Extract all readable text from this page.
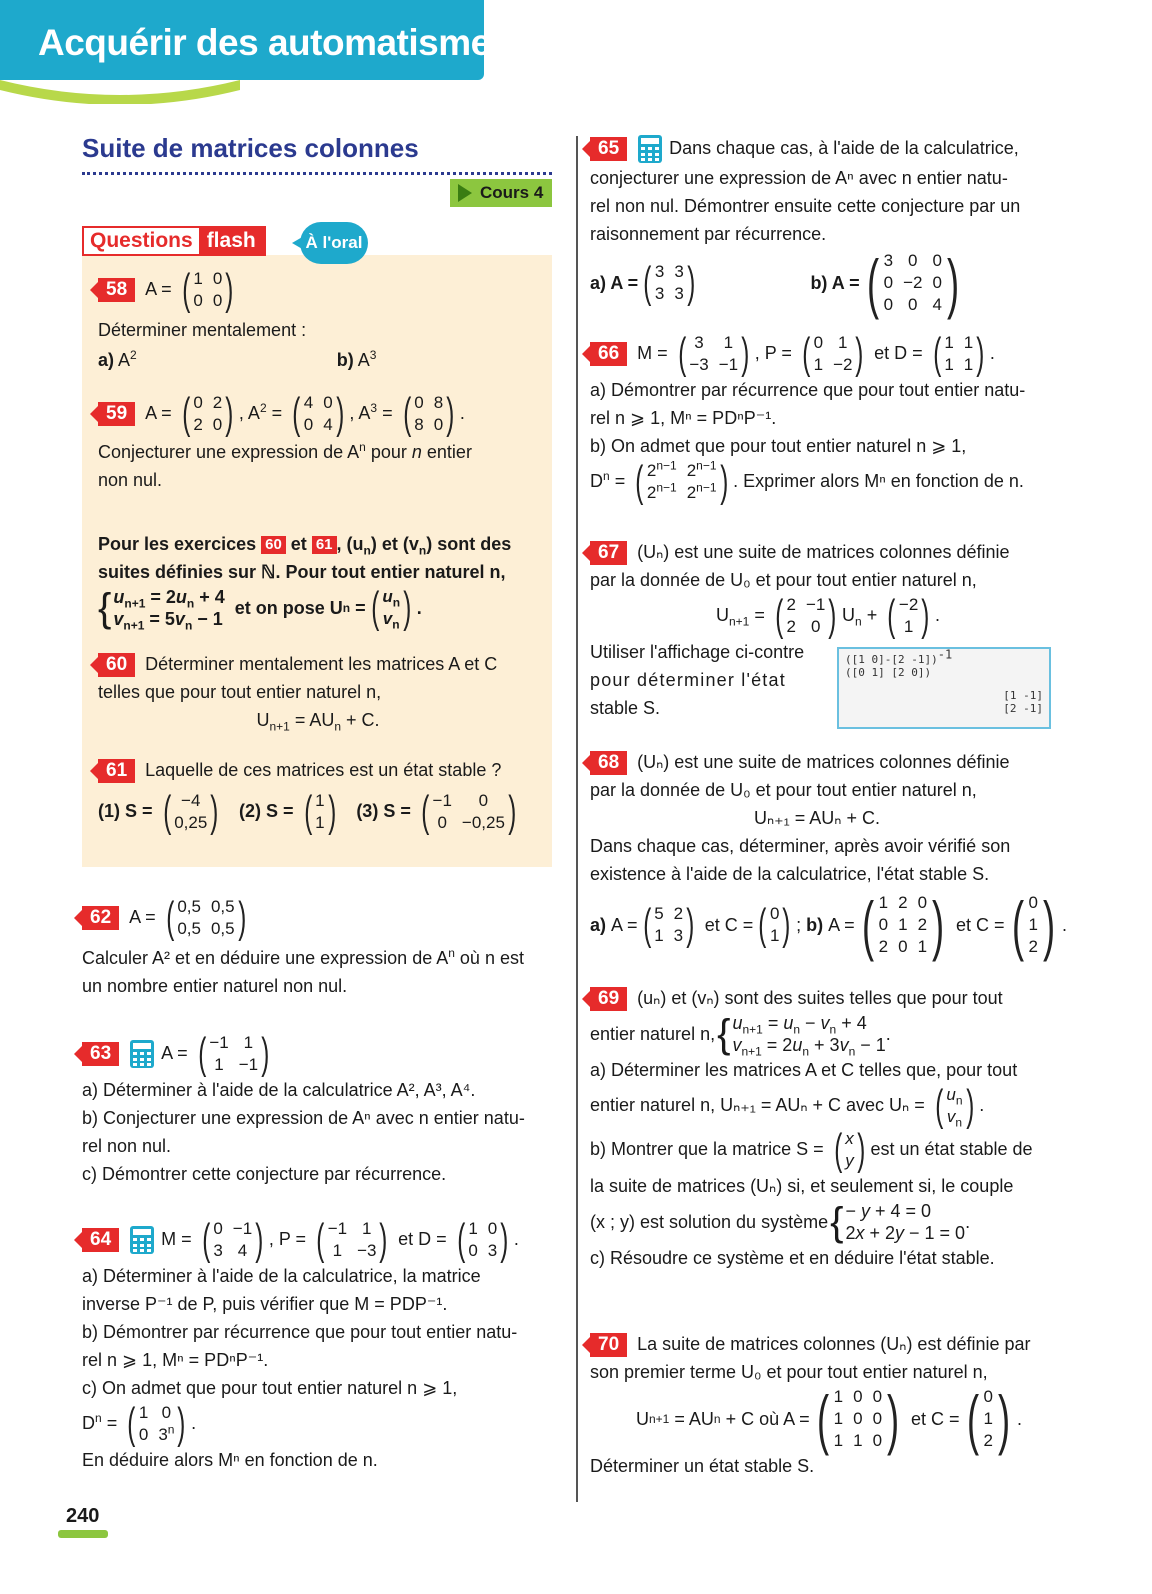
Acquérir des automatismes
Suite de matrices colonnes
Cours 4
Questions flash	À l'oral
58 A = ( 1 0
0 0 )
Déterminer mentalement :
a) $A^2$	b) $A^3$
59 A = ( 0 2
2 0 ) , $A^2$ = ( 4 0
0 4 ) , $A^3$ = ( 0 8
8 0 ) .
Conjecturer une expression de $A^n$ pour n entier
non nul.
Pour les exercices 60 et 61 , $(u_n)$ et $(v_n)$ sont des
suites définies sur ℕ. Pour tout entier naturel n,
{ $u_{n+1} = 2u_n + 4$
$v_{n+1} = 5v_n - 1$
et on pose U n = ( $u_n$
$v_n$ ) .
60 Déterminer mentalement les matrices A et C
telles que pour tout entier naturel n,
$U_{n+1} = AU_n + C$.
61 Laquelle de ces matrices est un état stable ?
(1) S = ( −4
0,25 ) (2) S = ( 1
1 ) (3) S = ( −1	0
0 −0,25 )
62 A = ( 0,5 0,5
0,5 0,5 )
Calculer A² et en déduire une expression de $A^n$ où n est
un nombre entier naturel non nul.
63	A = ( −1 1
1 −1 )
a) Déterminer à l'aide de la calculatrice A², A³, A⁴.
b) Conjecturer une expression de Aⁿ avec n entier natu-
rel non nul.
c) Démontrer cette conjecture par récurrence.
64	M = ( 0 −1
3 4 ) , P = ( −1 1
1 −3 ) et D = ( 1 0
0 3 ) .
a) Déterminer à l'aide de la calculatrice, la matrice
inverse P⁻¹ de P, puis vérifier que M = PDP⁻¹.
b) Démontrer par récurrence que pour tout entier natu-
rel n ⩾ 1, Mⁿ = PDⁿP⁻¹.
c) On admet que pour tout entier naturel n ⩾ 1,
$D^n$ = ( 1 0
0 3$^n$ ) .
En déduire alors Mⁿ en fonction de n.
240
65	Dans chaque cas, à l'aide de la calculatrice,
conjecturer une expression de Aⁿ avec n entier natu-
rel non nul. Démontrer ensuite cette conjecture par un
raisonnement par récurrence.
a) A = ( 3 3
3 3 )	b) A = ( 3 0 0
0 −2 0
0 0 4 )
66 M = ( 3 1
−3 −1 ) , P = ( 0 1
1 −2 ) et D = ( 1 1
1 1 ) .
a) Démontrer par récurrence que pour tout entier natu-
rel n ⩾ 1, Mⁿ = PDⁿP⁻¹.
b) On admet que pour tout entier naturel n ⩾ 1,
$D^n$ = ( $2^{n-1}$ $2^{n-1}$
$2^{n-1}$ $2^{n-1}$ ) . Exprimer alors Mⁿ en fonction de n.
67 (Uₙ) est une suite de matrices colonnes définie
par la donnée de U₀ et pour tout entier naturel n,
$U_{n+1}$ = ( 2 −1
2 0 ) $U_n$ + ( −2
1 ) .
Utiliser l'affichage ci-contre
pour déterminer l'état
stable S.
([1 0]-[2 -1])$^{-1}$
([0 1] [2 0])
[1 -1]
[2 -1]
68 (Uₙ) est une suite de matrices colonnes définie
par la donnée de U₀ et pour tout entier naturel n,
Uₙ₊₁ = AUₙ + C.
Dans chaque cas, déterminer, après avoir vérifié son
existence à l'aide de la calculatrice, l'état stable S.
a) A = ( 5 2
1 3 ) et C = ( 0
1 ) ; b) A = ( 1 2 0
0 1 2
2 0 1 ) et C = ( 0
1
2 ) .
69 (uₙ) et (vₙ) sont des suites telles que pour tout
entier naturel n, { $u_{n+1} = u_n - v_n + 4$
$v_{n+1} = 2u_n + 3v_n - 1$
.
a) Déterminer les matrices A et C telles que, pour tout
entier naturel n, Uₙ₊₁ = AUₙ + C avec Uₙ = ( $u_n$
$v_n$ ) .
b) Montrer que la matrice S = ( x
y ) est un état stable de
la suite de matrices (Uₙ) si, et seulement si, le couple
(x ; y) est solution du système { − y + 4 = 0
2x + 2y − 1 = 0
.
c) Résoudre ce système et en déduire l'état stable.
70 La suite de matrices colonnes (Uₙ) est définie par
son premier terme U₀ et pour tout entier naturel n,
U n+1 = AU n + C où A = ( 1 0 0
1 0 0
1 1 0 ) et C = ( 0
1
2 ) .
Déterminer un état stable S.
